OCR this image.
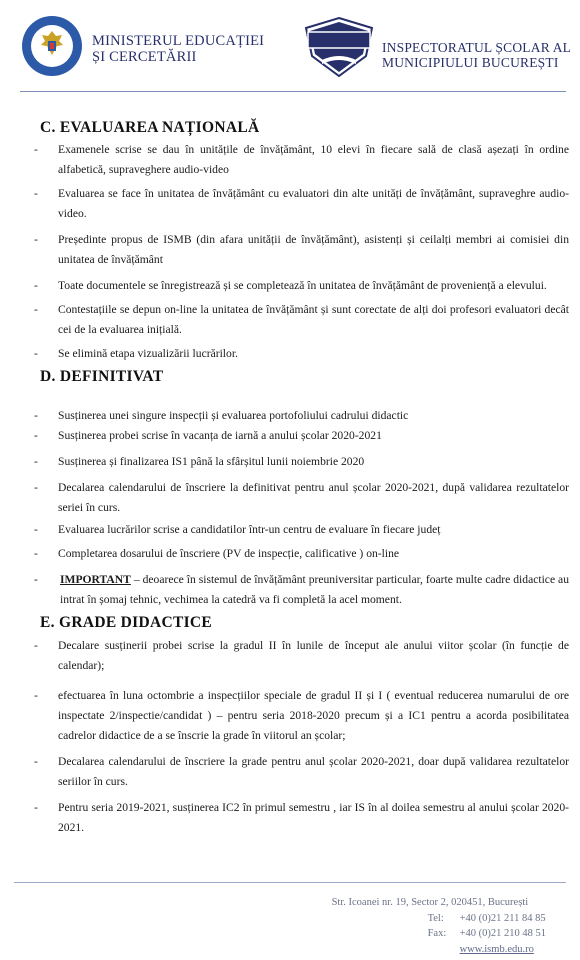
MINISTERUL EDUCAȚIEI
ȘI CERCETĂRII
INSPECTORATUL ȘCOLAR AL
MUNICIPIULUI BUCUREȘTI
C. EVALUAREA NAȚIONALĂ
- Examenele scrise se dau în unitățile de învățământ, 10 elevi în fiecare sală de clasă așezați în ordine alfabetică, supraveghere audio-video
- Evaluarea se face în unitatea de învățământ cu evaluatori din alte unități de învățământ, supraveghre audio-video.
- Președinte propus de ISMB (din afara unității de învățământ), asistenți și ceilalți membri ai comisiei din unitatea de învățământ
- Toate documentele se înregistrează și se completează în unitatea de învățământ de proveniență a elevului.
- Contestațiile se depun on-line la unitatea de învățământ și sunt corectate de alți doi profesori evaluatori decât cei de la evaluarea inițială.
- Se elimină etapa vizualizării lucrărilor.
D. DEFINITIVAT
- Susținerea unei singure inspecții și evaluarea portofoliului cadrului didactic
- Susținerea probei scrise în vacanța de iarnă a anului școlar 2020-2021
- Susținerea și finalizarea IS1 până la sfârșitul lunii noiembrie 2020
- Decalarea calendarului de înscriere la definitivat pentru anul școlar 2020-2021, după validarea rezultatelor seriei în curs.
- Evaluarea lucrărilor scrise a candidatilor într-un centru de evaluare în fiecare județ
- Completarea dosarului de înscriere (PV de inspecție, calificative ) on-line
- IMPORTANT – deoarece în sistemul de învățământ preuniversitar particular, foarte multe cadre didactice au intrat în șomaj tehnic, vechimea la catedră va fi completă la acel moment.
E. GRADE DIDACTICE
- Decalare susținerii probei scrise la gradul II în lunile de început ale anului viitor școlar (în funcție de calendar);
- efectuarea în luna octombrie a inspecțiilor speciale de gradul II și I ( eventual reducerea numarului de ore inspectate 2/inspectie/candidat ) – pentru seria 2018-2020 precum și a IC1 pentru a acorda posibilitatea cadrelor didactice de a se înscrie la grade în viitorul an școlar;
- Decalarea calendarului de înscriere la grade pentru anul școlar 2020-2021, doar după validarea rezultatelor seriilor în curs.
- Pentru seria 2019-2021, susținerea IC2 în primul semestru , iar IS în al doilea semestru al anului școlar 2020-2021.
Str. Icoanei nr. 19, Sector 2, 020451, București
Tel: +40 (0)21 211 84 85
Fax: +40 (0)21 210 48 51
www.ismb.edu.ro
